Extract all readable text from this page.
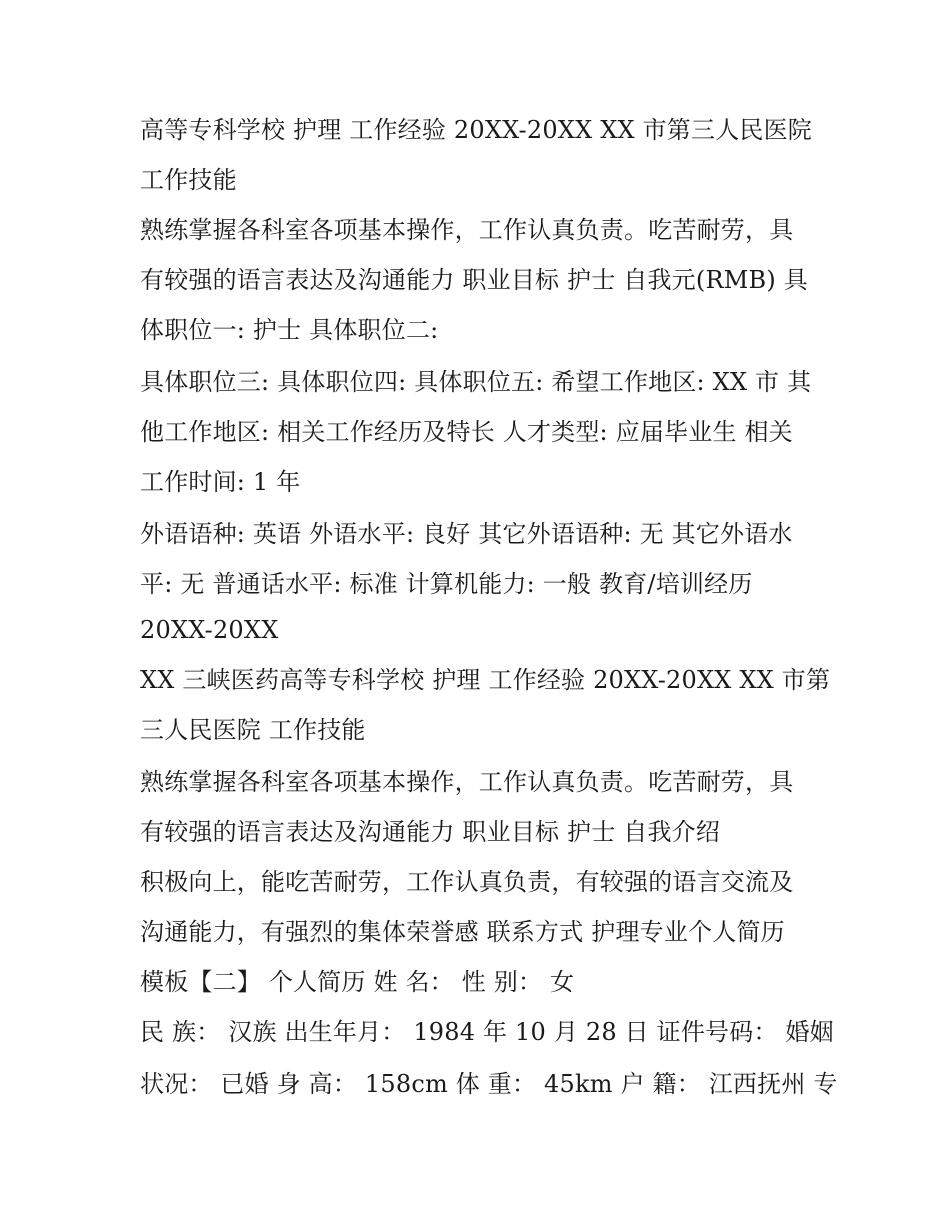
高等专科学校 护理 工作经验 20XX-20XX XX 市第三人民医院
工作技能
熟练掌握各科室各项基本操作，工作认真负责。吃苦耐劳，具
有较强的语言表达及沟通能力 职业目标 护士 自我元(RMB) 具
体职位一: 护士 具体职位二:
具体职位三: 具体职位四: 具体职位五: 希望工作地区: XX 市 其
他工作地区: 相关工作经历及特长 人才类型: 应届毕业生 相关
工作时间: 1 年
外语语种: 英语 外语水平: 良好 其它外语语种: 无 其它外语水
平: 无 普通话水平: 标准 计算机能力: 一般 教育/培训经历
20XX-20XX
XX 三峡医药高等专科学校 护理 工作经验 20XX-20XX XX 市第
三人民医院 工作技能
熟练掌握各科室各项基本操作，工作认真负责。吃苦耐劳，具
有较强的语言表达及沟通能力 职业目标 护士 自我介绍
积极向上，能吃苦耐劳，工作认真负责，有较强的语言交流及
沟通能力，有强烈的集体荣誉感 联系方式 护理专业个人简历
模板【二】 个人简历 姓 名： 性 别： 女
民 族： 汉族 出生年月： 1984 年 10 月 28 日 证件号码： 婚姻
状况： 已婚 身 高： 158cm 体 重： 45km 户 籍： 江西抚州 专
